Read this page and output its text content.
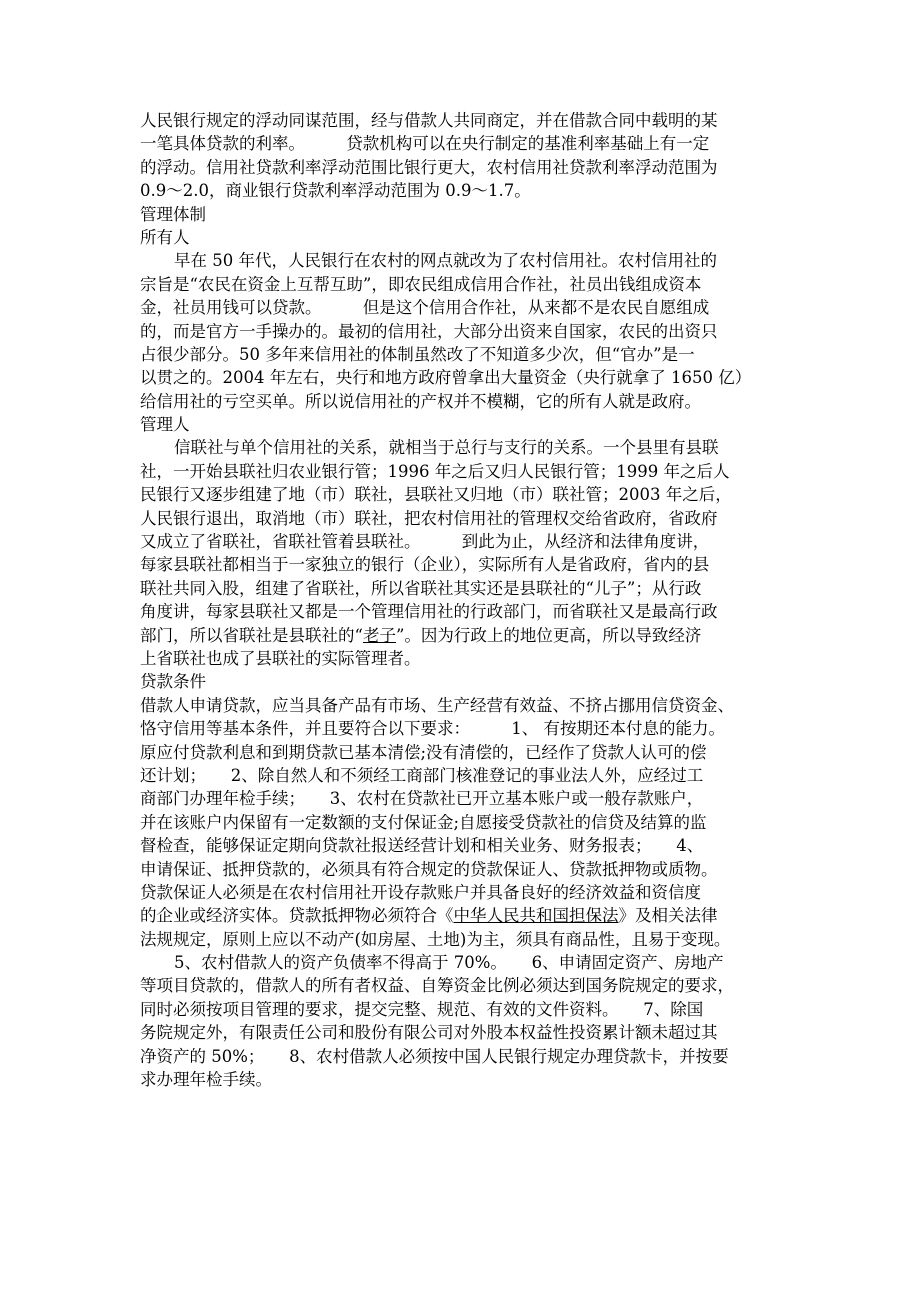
人民银行规定的浮动同谋范围，经与借款人共同商定，并在借款合同中载明的某
一笔具体贷款的利率。　　　贷款机构可以在央行制定的基准利率基础上有一定
的浮动。信用社贷款利率浮动范围比银行更大，农村信用社贷款利率浮动范围为
0.9～2.0，商业银行贷款利率浮动范围为 0.9～1.7。
管理体制
所有人
早在 50 年代，人民银行在农村的网点就改为了农村信用社。农村信用社的
宗旨是“农民在资金上互帮互助”，即农民组成信用合作社，社员出钱组成资本
金，社员用钱可以贷款。　　　但是这个信用合作社，从来都不是农民自愿组成
的，而是官方一手操办的。最初的信用社，大部分出资来自国家，农民的出资只
占很少部分。50 多年来信用社的体制虽然改了不知道多少次，但“官办”是一
以贯之的。2004 年左右，央行和地方政府曾拿出大量资金（央行就拿了 1650 亿）
给信用社的亏空买单。所以说信用社的产权并不模糊，它的所有人就是政府。
管理人
信联社与单个信用社的关系，就相当于总行与支行的关系。一个县里有县联
社，一开始县联社归农业银行管；1996 年之后又归人民银行管；1999 年之后人
民银行又逐步组建了地（市）联社，县联社又归地（市）联社管；2003 年之后，
人民银行退出，取消地（市）联社，把农村信用社的管理权交给省政府，省政府
又成立了省联社，省联社管着县联社。　　　到此为止，从经济和法律角度讲，
每家县联社都相当于一家独立的银行（企业），实际所有人是省政府，省内的县
联社共同入股，组建了省联社，所以省联社其实还是县联社的“儿子”；从行政
角度讲，每家县联社又都是一个管理信用社的行政部门，而省联社又是最高行政
部门，所以省联社是县联社的“老子”。因为行政上的地位更高，所以导致经济
上省联社也成了县联社的实际管理者。
贷款条件
借款人申请贷款，应当具备产品有市场、生产经营有效益、不挤占挪用信贷资金、
恪守信用等基本条件，并且要符合以下要求：　　　1、 有按期还本付息的能力。
原应付贷款利息和到期贷款已基本清偿;没有清偿的，已经作了贷款人认可的偿
还计划；　　2、除自然人和不须经工商部门核准登记的事业法人外，应经过工
商部门办理年检手续；　　3、农村在贷款社已开立基本账户或一般存款账户，
并在该账户内保留有一定数额的支付保证金;自愿接受贷款社的信贷及结算的监
督检查，能够保证定期向贷款社报送经营计划和相关业务、财务报表；　　4、
申请保证、抵押贷款的，必须具有符合规定的贷款保证人、贷款抵押物或质物。
贷款保证人必须是在农村信用社开设存款账户并具备良好的经济效益和资信度
的企业或经济实体。贷款抵押物必须符合《中华人民共和国担保法》及相关法律
法规规定，原则上应以不动产(如房屋、土地)为主，须具有商品性，且易于变现。
5、农村借款人的资产负债率不得高于 70%。　　6、申请固定资产、房地产
等项目贷款的，借款人的所有者权益、自筹资金比例必须达到国务院规定的要求，
同时必须按项目管理的要求，提交完整、规范、有效的文件资料。　　7、除国
务院规定外，有限责任公司和股份有限公司对外股本权益性投资累计额未超过其
净资产的 50%；　　8、农村借款人必须按中国人民银行规定办理贷款卡，并按要
求办理年检手续。
